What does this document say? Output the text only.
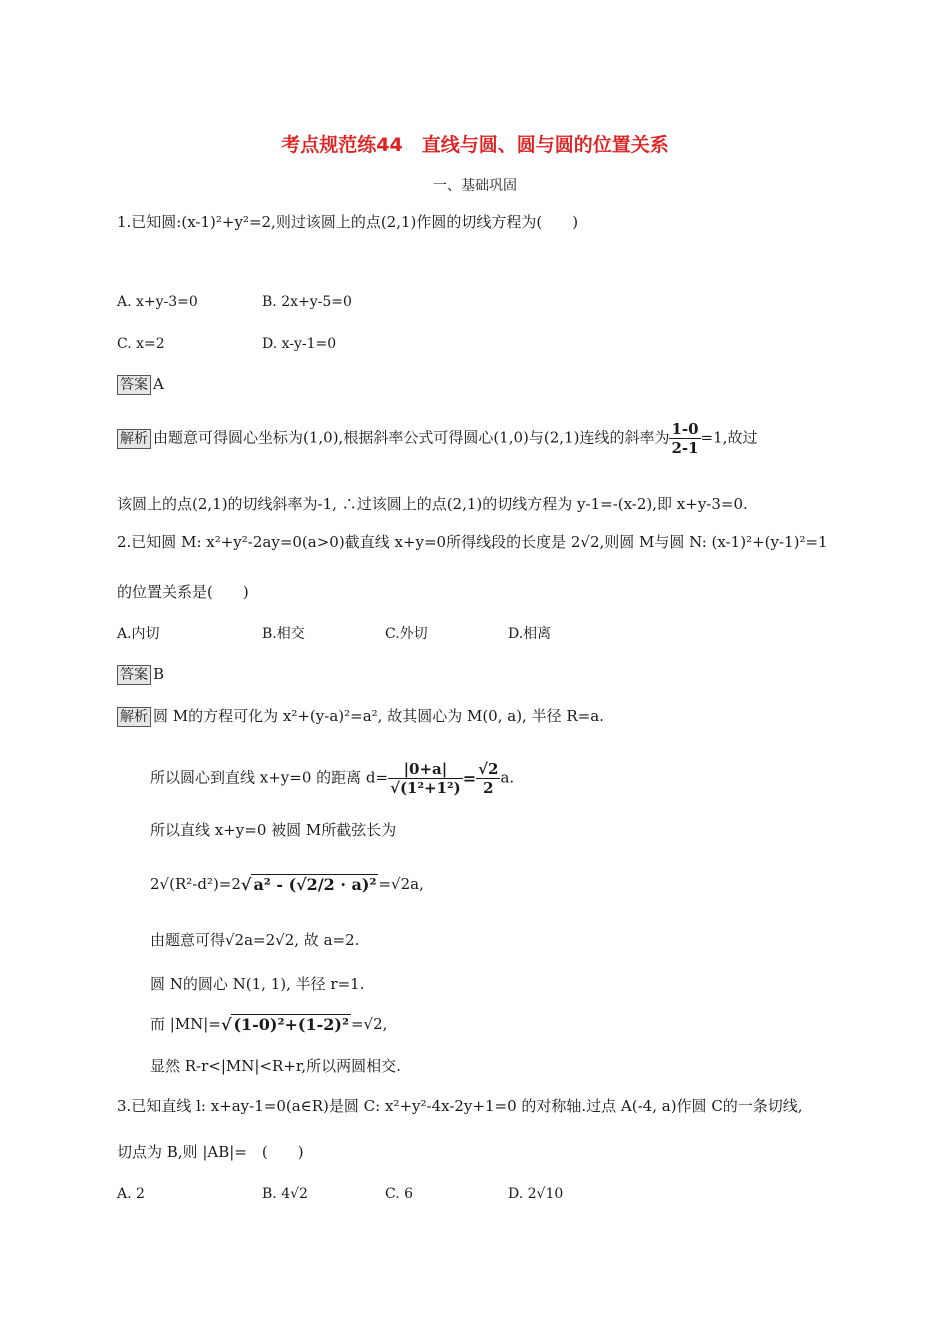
考点规范练44　直线与圆、圆与圆的位置关系
一、基础巩固
1.已知圆:(x-1)²+y²=2,则过该圆上的点(2,1)作圆的切线方程为(　　)
A. x+y-3=0	B. 2x+y-5=0
C. x=2	D. x-y-1=0
答案 A
解析 由题意可得圆心坐标为(1,0),根据斜率公式可得圆心(1,0)与(2,1)连线的斜率为 $\frac{1-0}{2-1} =1$,故过
该圆上的点(2,1)的切线斜率为-1, ∴过该圆上的点(2,1)的切线方程为 y-1=-(x-2),即 x+y-3=0.
2.已知圆 M: x²+y²-2ay=0(a>0)截直线 x+y=0所得线段的长度是 2√2,则圆 M与圆 N: (x-1)²+(y-1)²=1
的位置关系是(　　)
A.内切	B.相交	C.外切	D.相离
答案 B
解析 圆 M的方程可化为 x²+(y-a)²=a², 故其圆心为 M(0, a), 半径 R=a.
所以圆心到直线 x+y=0 的距离 $d= \frac{|0+a|}{\text{√(1²+1²)}} = \frac{√2}{2} a$.
所以直线 x+y=0 被圆 M所截弦长为
2√(R²-d²)=2√ a² - (√2/2 · a)² =√2a,
由题意可得√2a=2√2, 故 a=2.
圆 N的圆心 N(1, 1), 半径 r=1.
而 |MN|=√ (1-0)²+(1-2)² =√2,
显然 R-r<|MN|<R+r,所以两圆相交.
3.已知直线 l: x+ay-1=0(a∈R)是圆 C: x²+y²-4x-2y+1=0 的对称轴.过点 A(-4, a)作圆 C的一条切线,
切点为 B,则 |AB|=　(　　)
A. 2	B. 4√2	C. 6	D. 2√10
